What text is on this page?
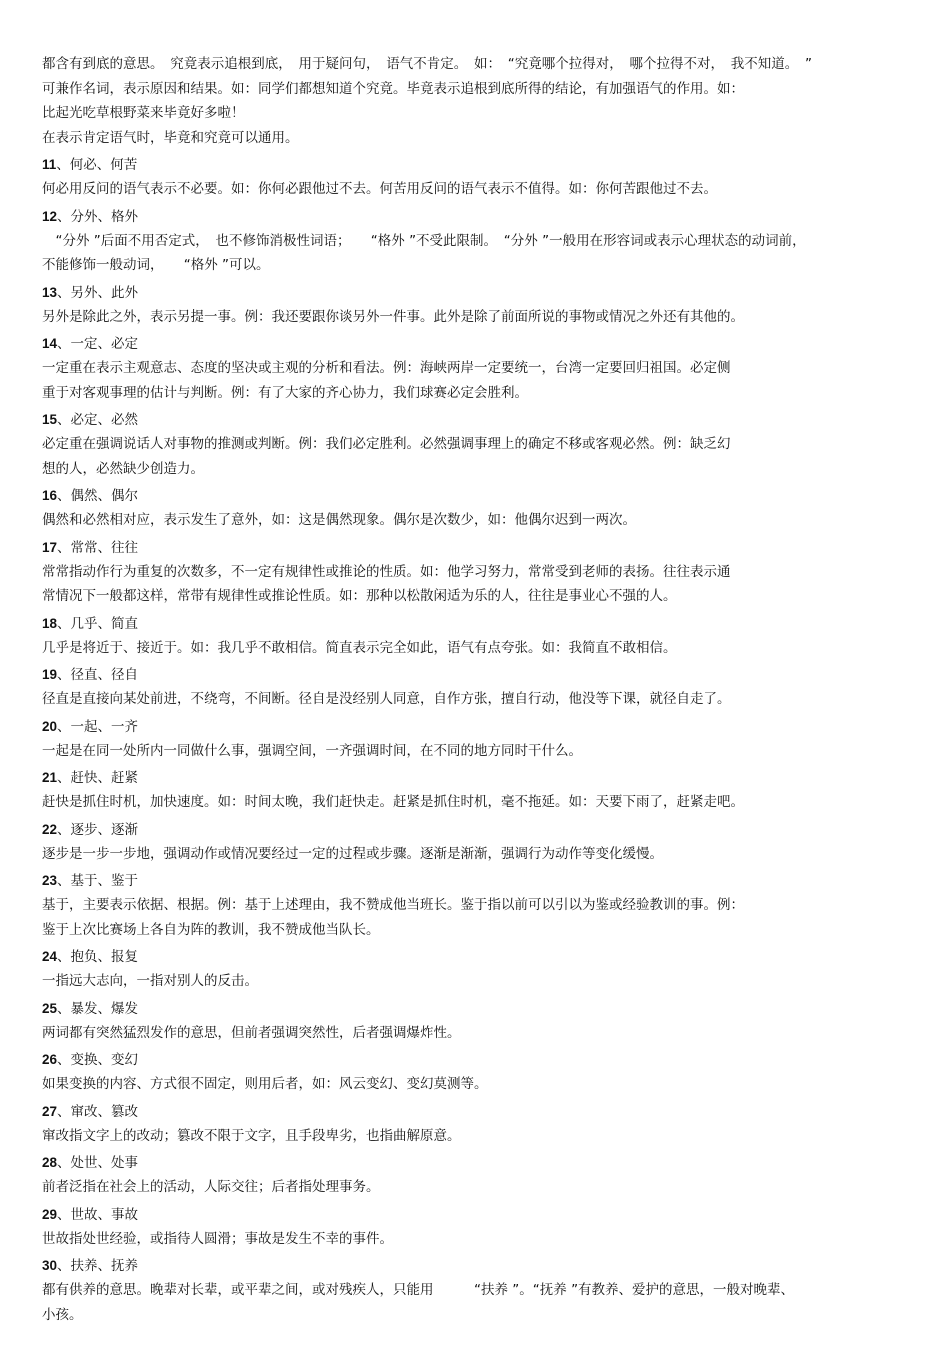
都含有到底的意思。　究竟表示追根到底，　用于疑问句，　语气不肯定。　如：　“究竟哪个拉得对，　哪个拉得不对，　我不知道。　”

可兼作名词，表示原因和结果。如：同学们都想知道个究竟。毕竟表示追根到底所得的结论，有加强语气的作用。如：

比起光吃草根野菜来毕竟好多啦！

在表示肯定语气时，毕竟和究竟可以通用。

11、何必、何苦

何必用反问的语气表示不必要。如：你何必跟他过不去。何苦用反问的语气表示不值得。如：你何苦跟他过不去。

12、分外、格外

　“分外 ”后面不用否定式，　也不修饰消极性词语；　　“格外 ”不受此限制。　“分外 ”一般用在形容词或表示心理状态的动词前，

不能修饰一般动词，　　“格外 ”可以。

13、另外、此外

另外是除此之外，表示另提一事。例：我还要跟你谈另外一件事。此外是除了前面所说的事物或情况之外还有其他的。

14、一定、必定

一定重在表示主观意志、态度的坚决或主观的分析和看法。例：海峡两岸一定要统一，台湾一定要回归祖国。必定侧

重于对客观事理的估计与判断。例：有了大家的齐心协力，我们球赛必定会胜利。

15、必定、必然

必定重在强调说话人对事物的推测或判断。例：我们必定胜利。必然强调事理上的确定不移或客观必然。例：缺乏幻

想的人，必然缺少创造力。

16、偶然、偶尔

偶然和必然相对应，表示发生了意外，如：这是偶然现象。偶尔是次数少，如：他偶尔迟到一两次。

17、常常、往往

常常指动作行为重复的次数多，不一定有规律性或推论的性质。如：他学习努力，常常受到老师的表扬。往往表示通

常情况下一般都这样，常带有规律性或推论性质。如：那种以松散闲适为乐的人，往往是事业心不强的人。

18、几乎、简直

几乎是将近于、接近于。如：我几乎不敢相信。简直表示完全如此，语气有点夸张。如：我简直不敢相信。

19、径直、径自

径直是直接向某处前进，不绕弯，不间断。径自是没经别人同意，自作方张，擅自行动，他没等下课，就径自走了。

20、一起、一齐

一起是在同一处所内一同做什么事，强调空间，一齐强调时间，在不同的地方同时干什么。

21、赶快、赶紧

赶快是抓住时机，加快速度。如：时间太晚，我们赶快走。赶紧是抓住时机，毫不拖延。如：天要下雨了，赶紧走吧。

22、逐步、逐渐

逐步是一步一步地，强调动作或情况要经过一定的过程或步骤。逐渐是渐渐，强调行为动作等变化缓慢。

23、基于、鉴于

基于，主要表示依据、根据。例：基于上述理由，我不赞成他当班长。鉴于指以前可以引以为鉴或经验教训的事。例：

鉴于上次比赛场上各自为阵的教训，我不赞成他当队长。

24、抱负、报复

一指远大志向，一指对别人的反击。

25、暴发、爆发

两词都有突然猛烈发作的意思，但前者强调突然性，后者强调爆炸性。

26、变换、变幻

如果变换的内容、方式很不固定，则用后者，如：风云变幻、变幻莫测等。

27、窜改、篡改

窜改指文字上的改动；篡改不限于文字，且手段卑劣，也指曲解原意。

28、处世、处事

前者泛指在社会上的活动，人际交往；后者指处理事务。

29、世故、事故

世故指处世经验，或指待人圆滑；事故是发生不幸的事件。

30、扶养、抚养

都有供养的意思。晚辈对长辈，或平辈之间，或对残疾人，只能用　　　“扶养 ”。“抚养 ”有教养、爱护的意思，一般对晚辈、

小孩。
